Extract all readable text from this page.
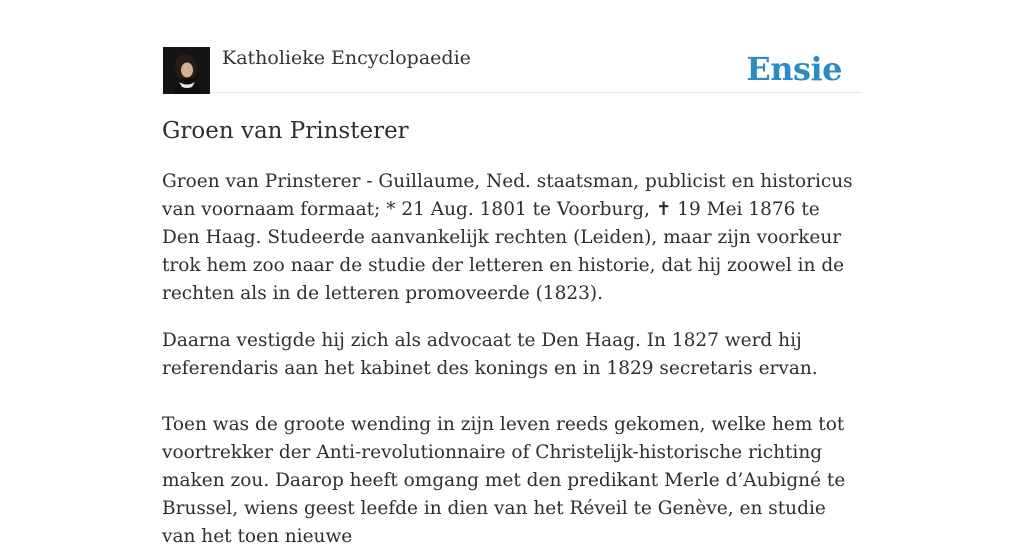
Katholieke Encyclopaedie	Ensie
Groen van Prinsterer

Groen van Prinsterer - Guillaume, Ned. staatsman, publicist en historicus van voornaam formaat; * 21 Aug. 1801 te Voorburg, ✝ 19 Mei 1876 te Den Haag. Studeerde aanvankelijk rechten (Leiden), maar zijn voorkeur trok hem zoo naar de studie der letteren en historie, dat hij zoowel in de rechten als in de letteren promoveerde (1823).

Daarna vestigde hij zich als advocaat te Den Haag. In 1827 werd hij referendaris aan het kabinet des konings en in 1829 secretaris ervan.

Toen was de groote wending in zijn leven reeds gekomen, welke hem tot voortrekker der Anti-revolutionnaire of Christelijk-historische richting maken zou. Daarop heeft omgang met den predikant Merle d’Aubigné te Brussel, wiens geest leefde in dien van het Réveil te Genève, en studie van het toen nieuwe
